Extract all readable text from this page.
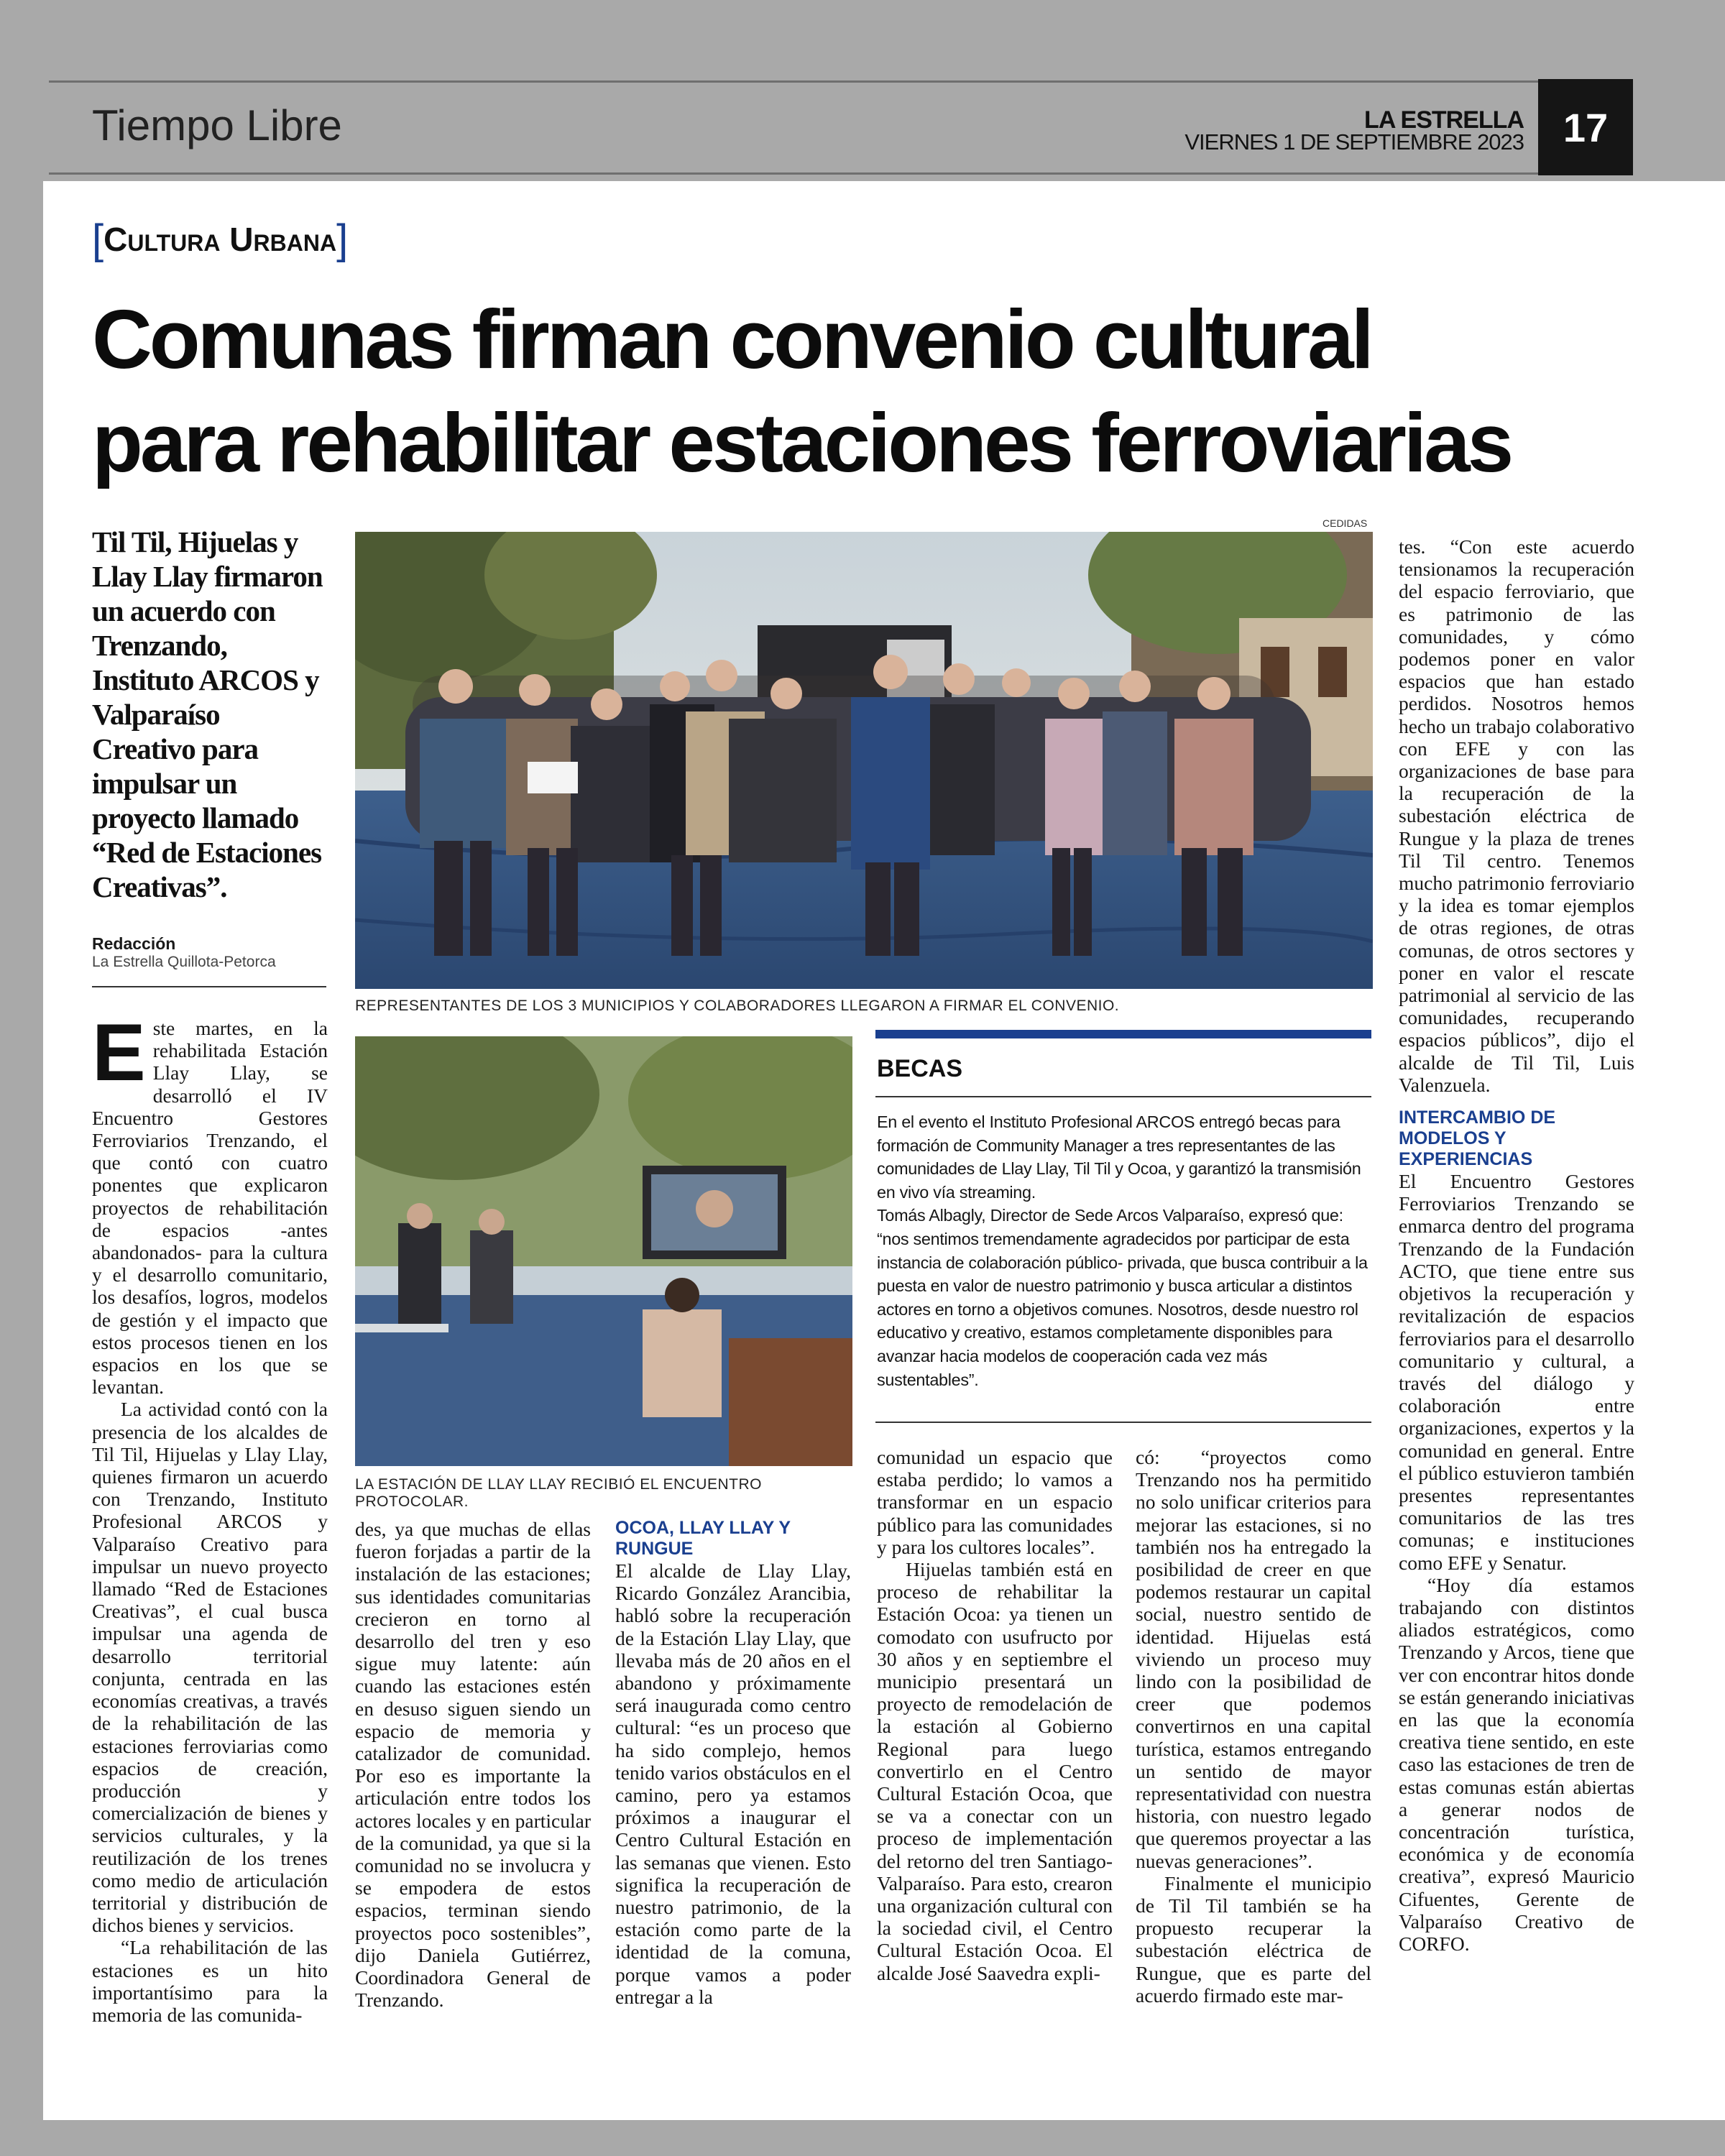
Tiempo Libre	LA ESTRELLA
VIERNES 1 DE SEPTIEMBRE 2023 17
[Cultura Urbana]
Comunas firman convenio cultural
para rehabilitar estaciones ferroviarias
Til Til, Hijuelas y Llay Llay firmaron un acuerdo con Trenzando, Instituto ARCOS y Valparaíso Creativo para impulsar un proyecto llamado “Red de Estaciones Creativas”.
Redacción
La Estrella Quillota-Petorca
CEDIDAS
REPRESENTANTES DE LOS 3 MUNICIPIOS Y COLABORADORES LLEGARON A FIRMAR EL CONVENIO.
LA ESTACIÓN DE LLAY LLAY RECIBIÓ EL ENCUENTRO PROTOCOLAR.

Este martes, en la rehabilitada Estación Llay Llay, se desarrolló el IV Encuentro Gestores Ferroviarios Trenzando, el que contó con cuatro ponentes que explicaron proyectos de rehabilitación de espacios -antes abandonados- para la cultura y el desarrollo comunitario, los desafíos, logros, modelos de gestión y el impacto que estos procesos tienen en los espacios en los que se levantan.

La actividad contó con la presencia de los alcaldes de Til Til, Hijuelas y Llay Llay, quienes firmaron un acuerdo con Trenzando, Instituto Profesional ARCOS y Valparaíso Creativo para impulsar un nuevo proyecto llamado “Red de Estaciones Creativas”, el cual busca impulsar una agenda de desarrollo territorial conjunta, centrada en las economías creativas, a través de la rehabilitación de las estaciones ferroviarias como espacios de creación, producción y comercialización de bienes y servicios culturales, y la reutilización de los trenes como medio de articulación territorial y distribución de dichos bienes y servicios.

“La rehabilitación de las estaciones es un hito importantísimo para la memoria de las comunida-

des, ya que muchas de ellas fueron forjadas a partir de la instalación de las estaciones; sus identidades comunitarias crecieron en torno al desarrollo del tren y eso sigue muy latente: aún cuando las estaciones estén en desuso siguen siendo un espacio de memoria y catalizador de comunidad. Por eso es importante la articulación entre todos los actores locales y en particular de la comunidad, ya que si la comunidad no se involucra y se empodera de estos espacios, terminan siendo proyectos poco sostenibles”, dijo Daniela Gutiérrez, Coordinadora General de Trenzando.

OCOA, LLAY LLAY Y RUNGUE

El alcalde de Llay Llay, Ricardo González Arancibia, habló sobre la recuperación de la Estación Llay Llay, que llevaba más de 20 años en el abandono y próximamente será inaugurada como centro cultural: “es un proceso que ha sido complejo, hemos tenido varios obstáculos en el camino, pero ya estamos próximos a inaugurar el Centro Cultural Estación en las semanas que vienen. Esto significa la recuperación de nuestro patrimonio, de la estación como parte de la identidad de la comuna, porque vamos a poder entregar a la

BECAS

En el evento el Instituto Profesional ARCOS entregó becas para formación de Community Manager a tres representantes de las comunidades de Llay Llay, Til Til y Ocoa, y garantizó la transmisión en vivo vía streaming.

Tomás Albagly, Director de Sede Arcos Valparaíso, expresó que: “nos sentimos tremendamente agradecidos por participar de esta instancia de colaboración público- privada, que busca contribuir a la puesta en valor de nuestro patrimonio y busca articular a distintos actores en torno a objetivos comunes. Nosotros, desde nuestro rol educativo y creativo, estamos completamente disponibles para avanzar hacia modelos de cooperación cada vez más sustentables”.

comunidad un espacio que estaba perdido; lo vamos a transformar en un espacio público para las comunidades y para los cultores locales”.

Hijuelas también está en proceso de rehabilitar la Estación Ocoa: ya tienen un comodato con usufructo por 30 años y en septiembre el municipio presentará un proyecto de remodelación de la estación al Gobierno Regional para luego convertirlo en el Centro Cultural Estación Ocoa, que se va a conectar con un proceso de implementación del retorno del tren Santiago-Valparaíso. Para esto, crearon una organización cultural con la sociedad civil, el Centro Cultural Estación Ocoa. El alcalde José Saavedra expli-

có: “proyectos como Trenzando nos ha permitido no solo unificar criterios para mejorar las estaciones, si no también nos ha entregado la posibilidad de creer en que podemos restaurar un capital social, nuestro sentido de identidad. Hijuelas está viviendo un proceso muy lindo con la posibilidad de creer que podemos convertirnos en una capital turística, estamos entregando un sentido de mayor representatividad con nuestra historia, con nuestro legado que queremos proyectar a las nuevas generaciones”.

Finalmente el municipio de Til Til también se ha propuesto recuperar la subestación eléctrica de Rungue, que es parte del acuerdo firmado este mar-

tes. “Con este acuerdo tensionamos la recuperación del espacio ferroviario, que es patrimonio de las comunidades, y cómo podemos poner en valor espacios que han estado perdidos. Nosotros hemos hecho un trabajo colaborativo con EFE y con las organizaciones de base para la recuperación de la subestación eléctrica de Rungue y la plaza de trenes Til Til centro. Tenemos mucho patrimonio ferroviario y la idea es tomar ejemplos de otras regiones, de otras comunas, de otros sectores y poner en valor el rescate patrimonial al servicio de las comunidades, recuperando espacios públicos”, dijo el alcalde de Til Til, Luis Valenzuela.

INTERCAMBIO DE MODELOS Y EXPERIENCIAS

El Encuentro Gestores Ferroviarios Trenzando se enmarca dentro del programa Trenzando de la Fundación ACTO, que tiene entre sus objetivos la recuperación y revitalización de espacios ferroviarios para el desarrollo comunitario y cultural, a través del diálogo y colaboración entre organizaciones, expertos y la comunidad en general. Entre el público estuvieron también presentes representantes comunitarios de las tres comunas; e instituciones como EFE y Senatur.

“Hoy día estamos trabajando con distintos aliados estratégicos, como Trenzando y Arcos, tiene que ver con encontrar hitos donde se están generando iniciativas en las que la economía creativa tiene sentido, en este caso las estaciones de tren de estas comunas están abiertas a generar nodos de concentración turística, económica y de economía creativa”, expresó Mauricio Cifuentes, Gerente de Valparaíso Creativo de CORFO.
